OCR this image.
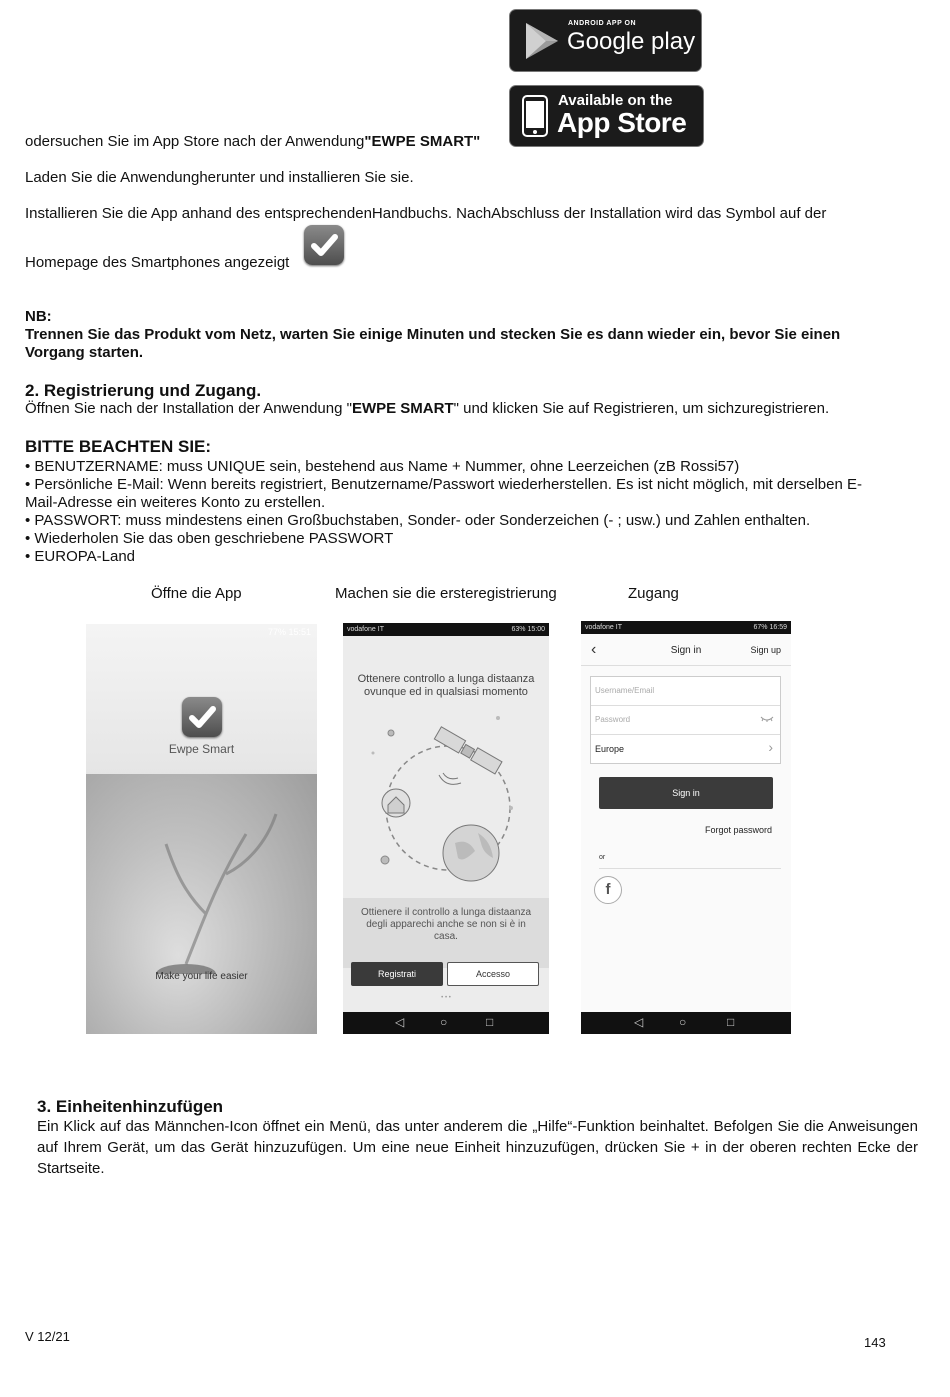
ANDROID APP ON
Google play
Available on the
App Store
odersuchen Sie im App Store nach der Anwendung"EWPE SMART"
Laden Sie die Anwendungherunter und installieren Sie sie.
Installieren Sie die App anhand des entsprechendenHandbuchs. NachAbschluss der Installation wird das Symbol auf der
Homepage des Smartphones angezeigt
NB:
Trennen Sie das Produkt vom Netz, warten Sie einige Minuten und stecken Sie es dann wieder ein, bevor Sie einen
Vorgang starten.
2. Registrierung und Zugang.
Öffnen Sie nach der Installation der Anwendung "EWPE SMART" und klicken Sie auf Registrieren, um sichzuregistrieren.
BITTE BEACHTEN SIE:
• BENUTZERNAME: muss UNIQUE sein, bestehend aus Name + Nummer, ohne Leerzeichen (zB Rossi57)
• Persönliche E-Mail: Wenn bereits registriert, Benutzername/Passwort wiederherstellen. Es ist nicht möglich, mit derselben E-
Mail-Adresse ein weiteres Konto zu erstellen.
• PASSWORT: muss mindestens einen Großbuchstaben, Sonder- oder Sonderzeichen (- ; usw.) und Zahlen enthalten.
• Wiederholen Sie das oben geschriebene PASSWORT
• EUROPA-Land
Öffne die App	Machen sie die ersteregistrierung	Zugang
77% 15:51
Ewpe Smart
Make your life easier
vodafone IT	63% 15:00
Ottenere controllo a lunga distaanza ovunque ed in qualsiasi momento
Ottienere il controllo a lunga distaanza degli apparechi anche se non si è in casa.
Registrati	Accesso
• • •
◁	○	□
vodafone IT	67% 16:59
‹	Sign in	Sign up
Username/Email
Password
Europe	›
Sign in
Forgot password
or
f
◁	○	□
3. Einheitenhinzufügen
Ein Klick auf das Männchen-Icon öffnet ein Menü, das unter anderem die „Hilfe“-Funktion beinhaltet. Befolgen Sie die Anweisungen auf Ihrem Gerät, um das Gerät hinzuzufügen. Um eine neue Einheit hinzuzufügen, drücken Sie + in der oberen rechten Ecke der Startseite.
V 12/21	143
